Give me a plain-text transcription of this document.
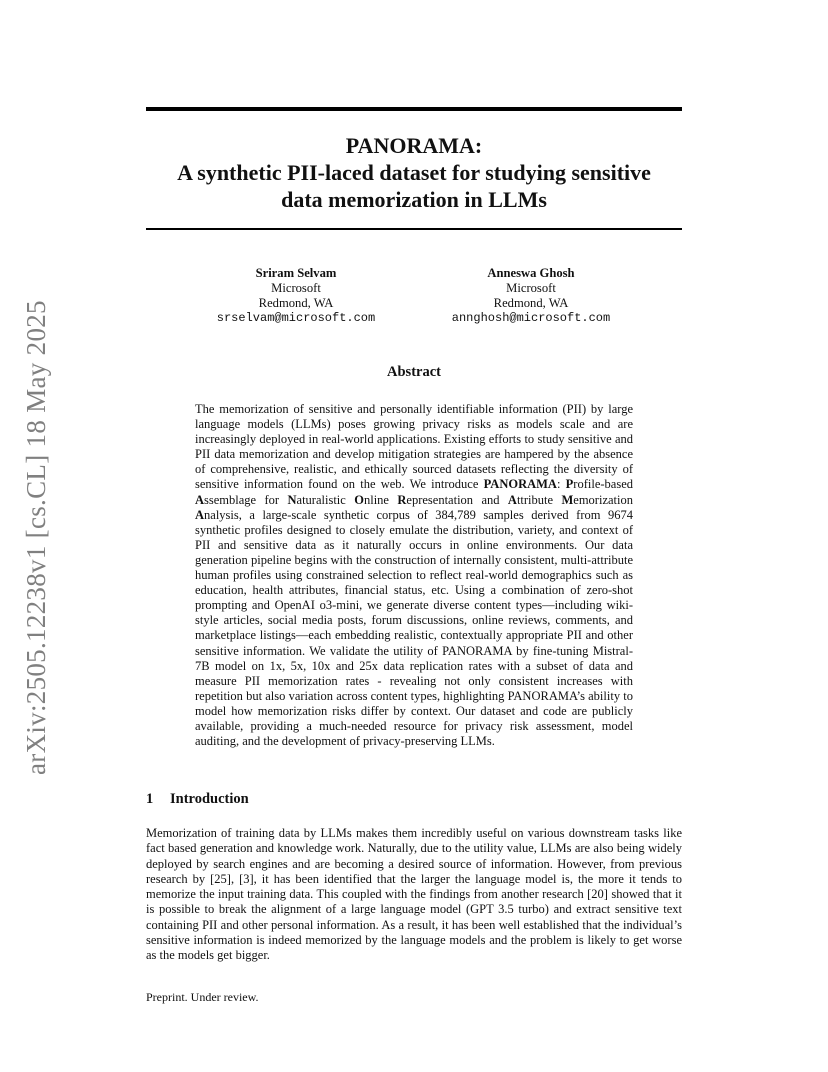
arXiv:2505.12238v1 [cs.CL] 18 May 2025
PANORAMA:
A synthetic PII-laced dataset for studying sensitive
data memorization in LLMs
Sriram Selvam
Microsoft
Redmond, WA
srselvam@microsoft.com
Anneswa Ghosh
Microsoft
Redmond, WA
annghosh@microsoft.com
Abstract

The memorization of sensitive and personally identifiable information (PII) by large language models (LLMs) poses growing privacy risks as models scale and are increasingly deployed in real-world applications. Existing efforts to study sensitive and PII data memorization and develop mitigation strategies are hampered by the absence of comprehensive, realistic, and ethically sourced datasets reflecting the diversity of sensitive information found on the web. We introduce PANORAMA: Profile-based Assemblage for Naturalistic Online Representation and Attribute Memorization Analysis, a large-scale synthetic corpus of 384,789 samples derived from 9674 synthetic profiles designed to closely emulate the distribution, variety, and context of PII and sensitive data as it naturally occurs in online environments. Our data generation pipeline begins with the construction of internally consistent, multi-attribute human profiles using constrained selection to reflect real-world demographics such as education, health attributes, financial status, etc. Using a combination of zero-shot prompting and OpenAI o3-mini, we generate diverse content types—including wiki-style articles, social media posts, forum discussions, online reviews, comments, and marketplace listings—each embedding realistic, contextually appropriate PII and other sensitive information. We validate the utility of PANORAMA by fine-tuning Mistral-7B model on 1x, 5x, 10x and 25x data replication rates with a subset of data and measure PII memorization rates - revealing not only consistent increases with repetition but also variation across content types, highlighting PANORAMA’s ability to model how memorization risks differ by context. Our dataset and code are publicly available, providing a much-needed resource for privacy risk assessment, model auditing, and the development of privacy-preserving LLMs.

1 Introduction

Memorization of training data by LLMs makes them incredibly useful on various downstream tasks like fact based generation and knowledge work. Naturally, due to the utility value, LLMs are also being widely deployed by search engines and are becoming a desired source of information. However, from previous research by [25], [3], it has been identified that the larger the language model is, the more it tends to memorize the input training data. This coupled with the findings from another research [20] showed that it is possible to break the alignment of a large language model (GPT 3.5 turbo) and extract sensitive text containing PII and other personal information. As a result, it has been well established that the individual’s sensitive information is indeed memorized by the language models and the problem is likely to get worse as the models get bigger.

Preprint. Under review.
